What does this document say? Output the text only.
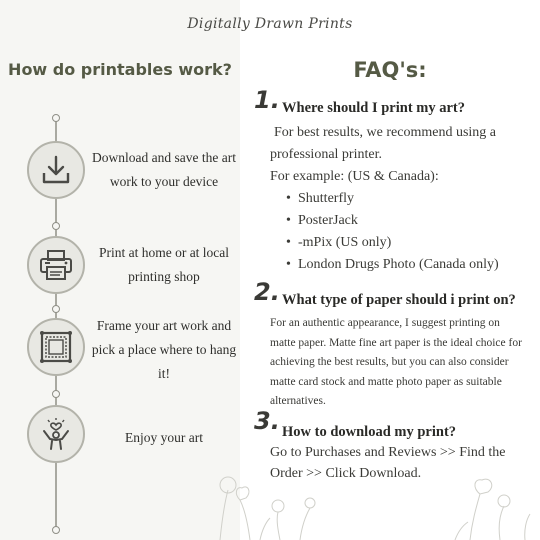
Digitally Drawn Prints
How do printables work?
Download and save the art work to your device
Print at home or at local printing shop
Frame your art work and pick a place where to hang it!
Enjoy your art
FAQ's:
1. Where should I print my art?
For best results, we recommend using a
professional printer.
For example: (US & Canada):
• Shutterfly
• PosterJack
• -mPix (US only)
• London Drugs Photo (Canada only)
2. What type of paper should i print on?
For an authentic appearance, I suggest printing on matte paper. Matte fine art paper is the ideal choice for achieving the best results, but you can also consider matte card stock and matte photo paper as suitable alternatives.
3. How to download my print?
Go to Purchases and Reviews >> Find the Order >> Click Download.
